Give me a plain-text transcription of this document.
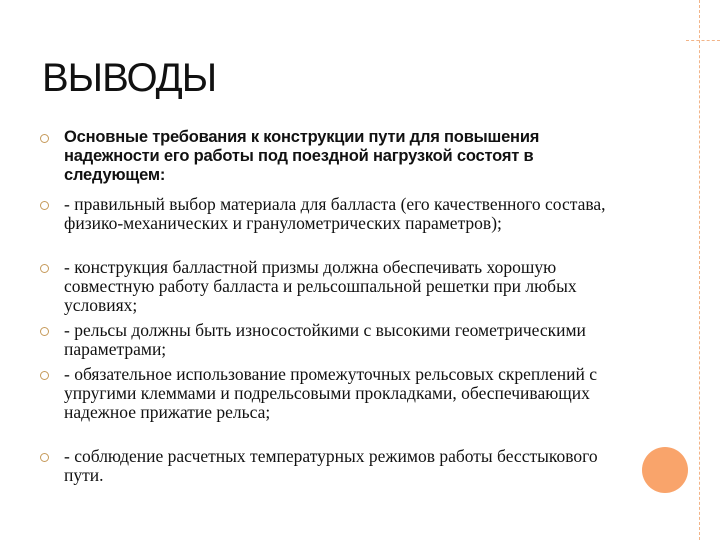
ВЫВОДЫ

Основные требования к конструкции пути для повышения надежности его работы под поездной нагрузкой состоят в следующем:

- правильный выбор материала для балласта (его качественного состава, физико-механических и гранулометрических параметров);

- конструкция балластной призмы должна обеспечивать хорошую совместную работу балласта и рельсошпальной решетки при любых условиях;

- рельсы должны быть износостойкими с высокими геометрическими параметрами;

- обязательное использование промежуточных рельсовых скреплений с упругими клеммами и подрельсовыми прокладками, обеспечивающих надежное прижатие рельса;

- соблюдение расчетных температурных режимов работы бесстыкового пути.
